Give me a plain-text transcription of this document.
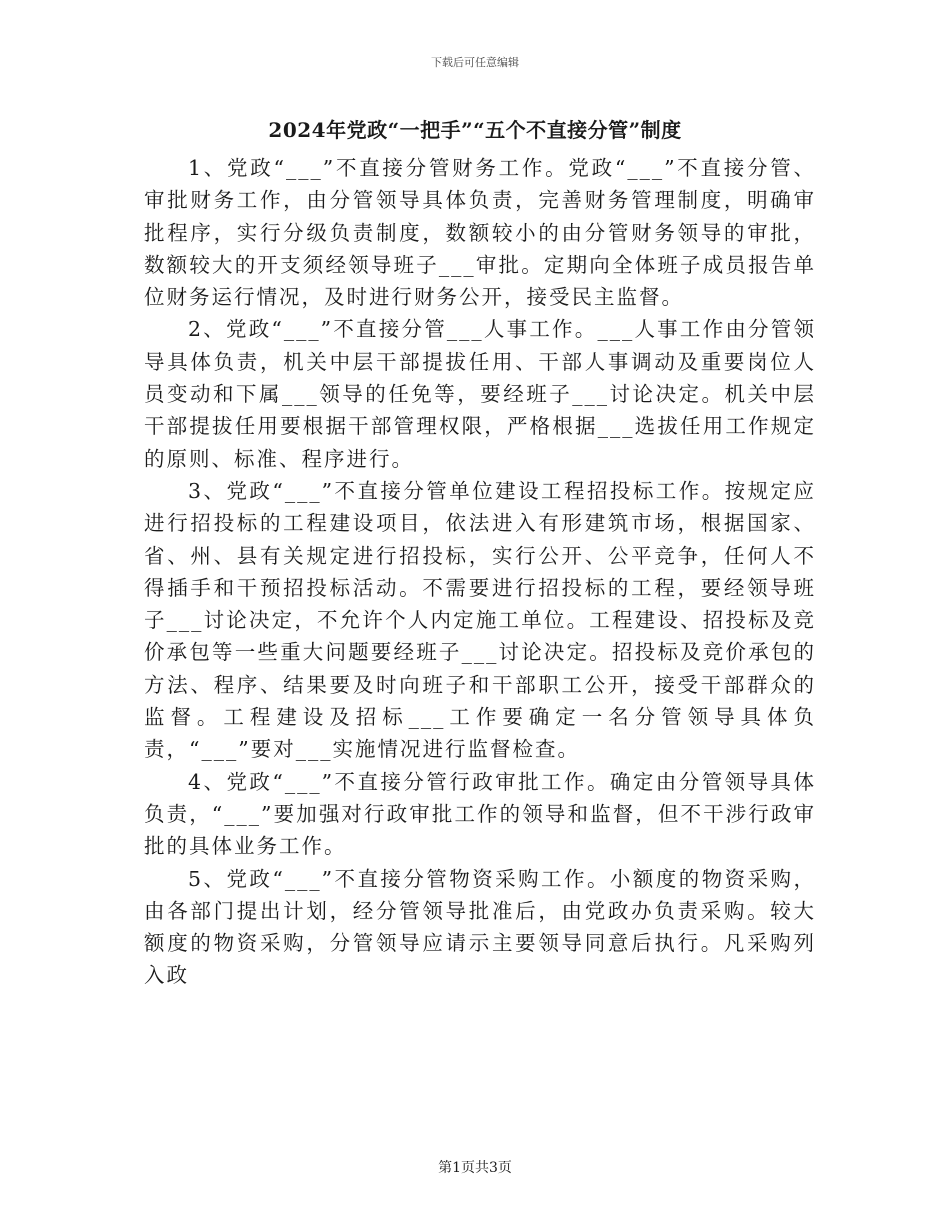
下载后可任意编辑
2024年党政“一把手”“五个不直接分管”制度

1、党政“___”不直接分管财务工作。党政“___”不直接分管、审批财务工作，由分管领导具体负责，完善财务管理制度，明确审批程序，实行分级负责制度，数额较小的由分管财务领导的审批，数额较大的开支须经领导班子___审批。定期向全体班子成员报告单位财务运行情况，及时进行财务公开，接受民主监督。

2、党政“___”不直接分管___人事工作。___人事工作由分管领导具体负责，机关中层干部提拔任用、干部人事调动及重要岗位人员变动和下属___领导的任免等，要经班子___讨论决定。机关中层干部提拔任用要根据干部管理权限，严格根据___选拔任用工作规定的原则、标准、程序进行。

3、党政“___”不直接分管单位建设工程招投标工作。按规定应进行招投标的工程建设项目，依法进入有形建筑市场，根据国家、省、州、县有关规定进行招投标，实行公开、公平竞争，任何人不得插手和干预招投标活动。不需要进行招投标的工程，要经领导班子___讨论决定，不允许个人内定施工单位。工程建设、招投标及竞价承包等一些重大问题要经班子___讨论决定。招投标及竞价承包的方法、程序、结果要及时向班子和干部职工公开，接受干部群众的监督。工程建设及招标___工作要确定一名分管领导具体负责，“___”要对___实施情况进行监督检查。

4、党政“___”不直接分管行政审批工作。确定由分管领导具体负责，“___”要加强对行政审批工作的领导和监督，但不干涉行政审批的具体业务工作。

5、党政“___”不直接分管物资采购工作。小额度的物资采购，由各部门提出计划，经分管领导批准后，由党政办负责采购。较大额度的物资采购，分管领导应请示主要领导同意后执行。凡采购列入政

第1页共3页
